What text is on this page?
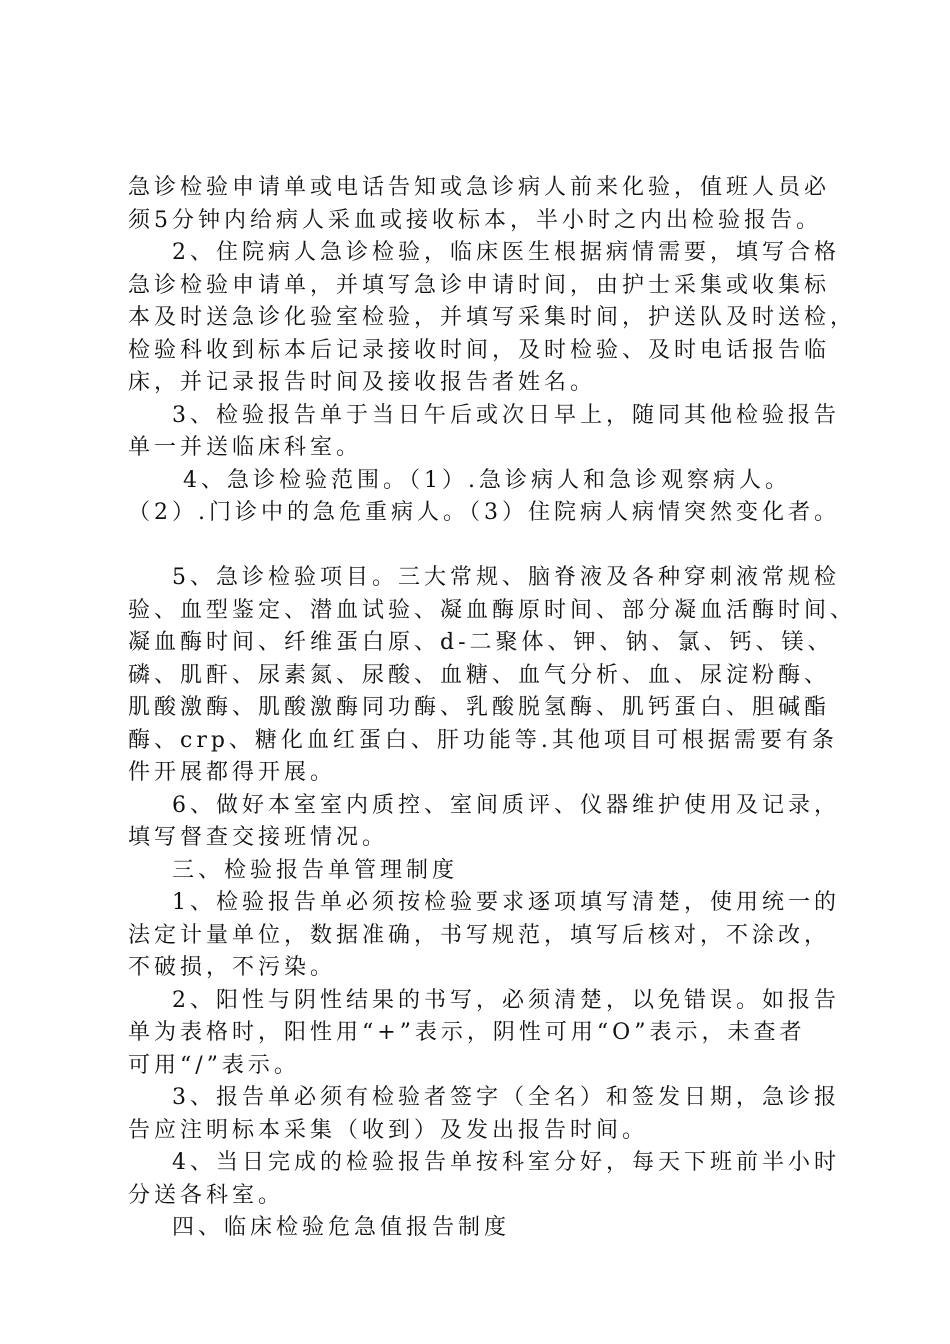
急诊检验申请单或电话告知或急诊病人前来化验，值班人员必
须5分钟内给病人采血或接收标本，半小时之内出检验报告。
2、住院病人急诊检验，临床医生根据病情需要，填写合格
急诊检验申请单，并填写急诊申请时间，由护士采集或收集标
本及时送急诊化验室检验，并填写采集时间，护送队及时送检，
检验科收到标本后记录接收时间，及时检验、及时电话报告临
床，并记录报告时间及接收报告者姓名。
3、检验报告单于当日午后或次日早上，随同其他检验报告
单一并送临床科室。
4、急诊检验范围。（1）.急诊病人和急诊观察病人。
（2）.门诊中的急危重病人。（3）住院病人病情突然变化者。
5、急诊检验项目。三大常规、脑脊液及各种穿刺液常规检
验、血型鉴定、潜血试验、凝血酶原时间、部分凝血活酶时间、
凝血酶时间、纤维蛋白原、d-二聚体、钾、钠、氯、钙、镁、
磷、肌酐、尿素氮、尿酸、血糖、血气分析、血、尿淀粉酶、
肌酸激酶、肌酸激酶同功酶、乳酸脱氢酶、肌钙蛋白、胆碱酯
酶、crp、糖化血红蛋白、肝功能等.其他项目可根据需要有条
件开展都得开展。
6、做好本室室内质控、室间质评、仪器维护使用及记录，
填写督查交接班情况。
三、检验报告单管理制度
1、检验报告单必须按检验要求逐项填写清楚，使用统一的
法定计量单位，数据准确，书写规范，填写后核对，不涂改，
不破损，不污染。
2、阳性与阴性结果的书写，必须清楚，以免错误。如报告
单为表格时，阳性用“+”表示，阴性可用“O”表示，未查者
可用“/”表示。
3、报告单必须有检验者签字（全名）和签发日期，急诊报
告应注明标本采集（收到）及发出报告时间。
4、当日完成的检验报告单按科室分好，每天下班前半小时
分送各科室。
四、临床检验危急值报告制度
